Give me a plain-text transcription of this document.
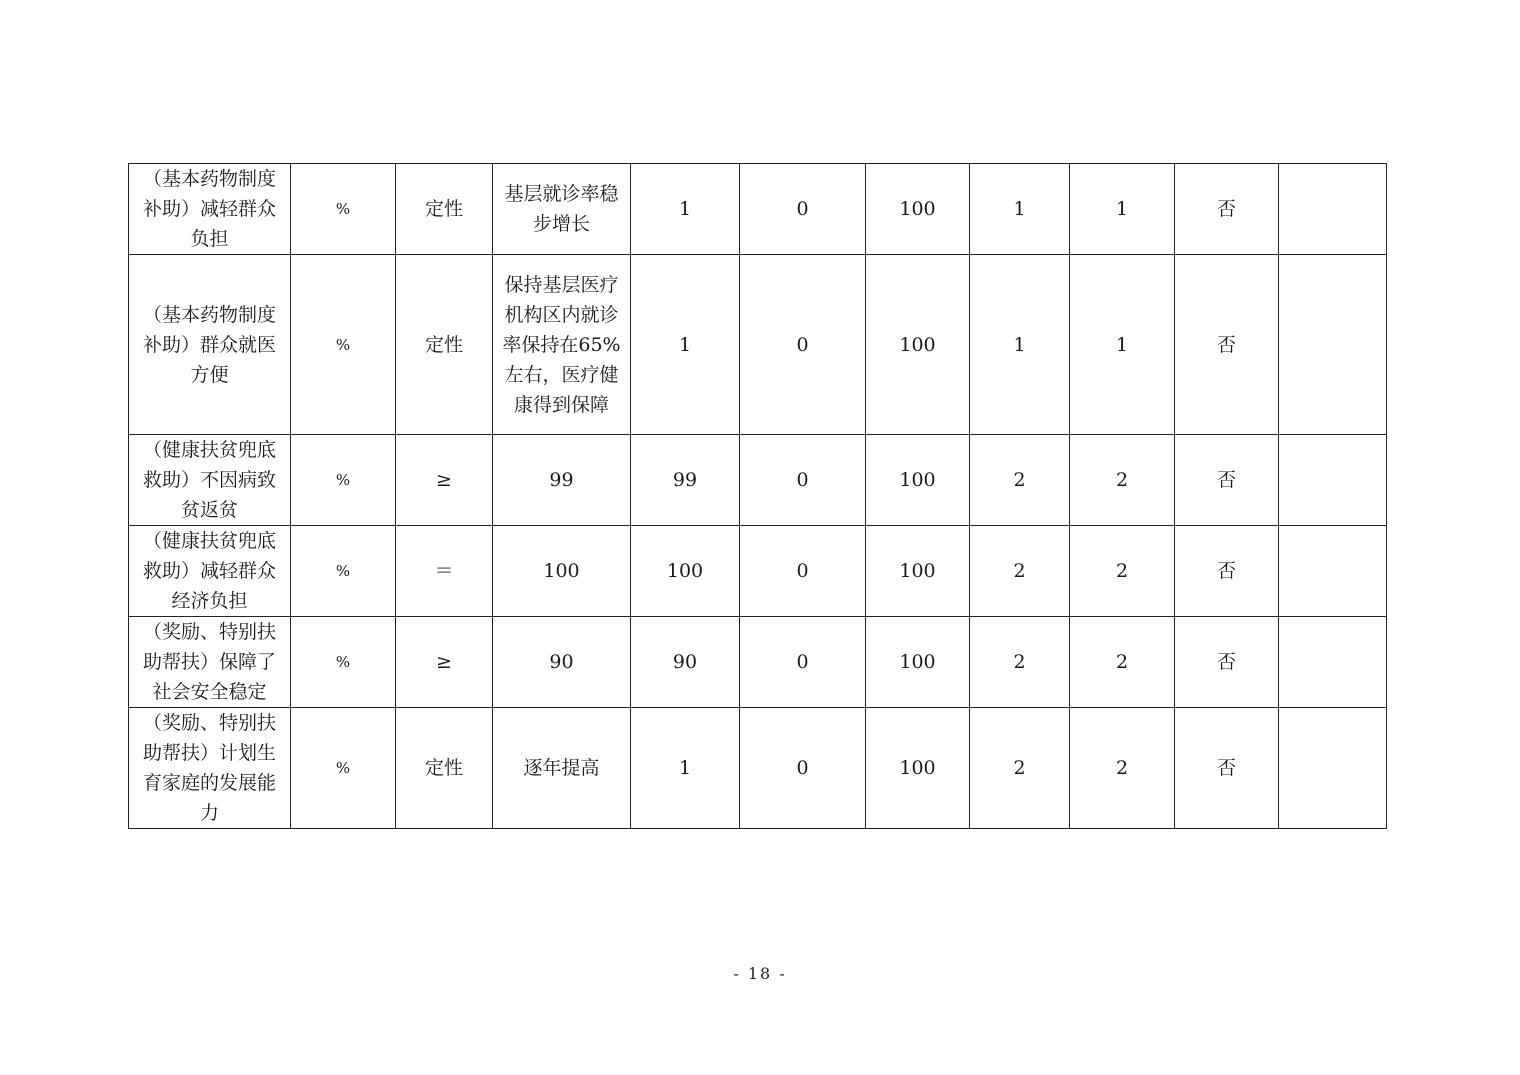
（基本药物制度补助）减轻群众负担	%	定性	基层就诊率稳步增长	1	0	100	1	1	否	
（基本药物制度补助）群众就医方便	%	定性	保持基层医疗机构区内就诊率保持在65%左右，医疗健康得到保障	1	0	100	1	1	否	
（健康扶贫兜底救助）不因病致贫返贫	%	≥	99	99	0	100	2	2	否	
（健康扶贫兜底救助）减轻群众经济负担	%	＝	100	100	0	100	2	2	否	
（奖励、特别扶助帮扶）保障了社会安全稳定	%	≥	90	90	0	100	2	2	否	
（奖励、特别扶助帮扶）计划生育家庭的发展能力	%	定性	逐年提高	1	0	100	2	2	否	
- 18 -
